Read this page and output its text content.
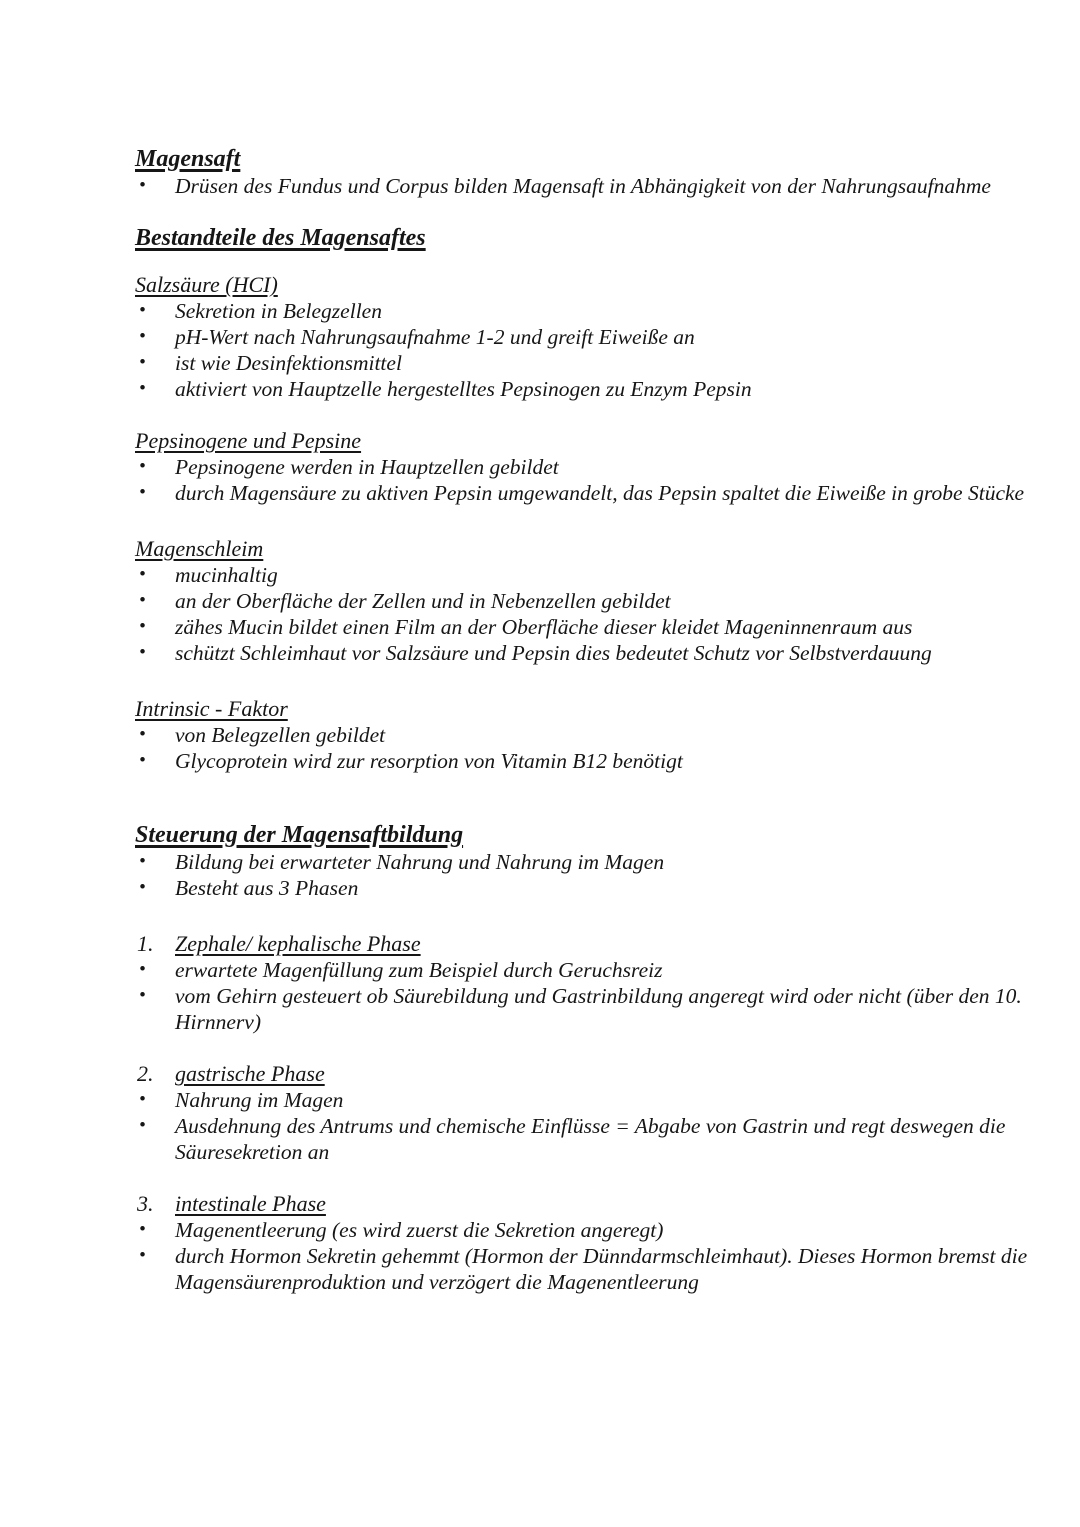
Magensaft
• Drüsen des Fundus und Corpus bilden Magensaft in Abhängigkeit von der Nahrungsaufnahme
Bestandteile des Magensaftes
Salzsäure (HCI)
• Sekretion in Belegzellen
• pH-Wert nach Nahrungsaufnahme 1-2 und greift Eiweiße an
• ist wie Desinfektionsmittel
• aktiviert von Hauptzelle hergestelltes Pepsinogen zu Enzym Pepsin
Pepsinogene und Pepsine
• Pepsinogene werden in Hauptzellen gebildet
• durch Magensäure zu aktiven Pepsin umgewandelt, das Pepsin spaltet die Eiweiße in grobe Stücke
Magenschleim
• mucinhaltig
• an der Oberfläche der Zellen und in Nebenzellen gebildet
• zähes Mucin bildet einen Film an der Oberfläche dieser kleidet Mageninnenraum aus
• schützt Schleimhaut vor Salzsäure und Pepsin dies bedeutet Schutz vor Selbstverdauung
Intrinsic - Faktor
• von Belegzellen gebildet
• Glycoprotein wird zur resorption von Vitamin B12 benötigt
Steuerung der Magensaftbildung
• Bildung bei erwarteter Nahrung und Nahrung im Magen
• Besteht aus 3 Phasen
1. Zephale/ kephalische Phase
• erwartete Magenfüllung zum Beispiel durch Geruchsreiz
• vom Gehirn gesteuert ob Säurebildung und Gastrinbildung angeregt wird oder nicht (über den 10. Hirnnerv)
2. gastrische Phase
• Nahrung im Magen
• Ausdehnung des Antrums und chemische Einflüsse = Abgabe von Gastrin und regt deswegen die Säuresekretion an
3. intestinale Phase
• Magenentleerung (es wird zuerst die Sekretion angeregt)
• durch Hormon Sekretin gehemmt (Hormon der Dünndarmschleimhaut). Dieses Hormon bremst die Magensäurenproduktion und verzögert die Magenentleerung
